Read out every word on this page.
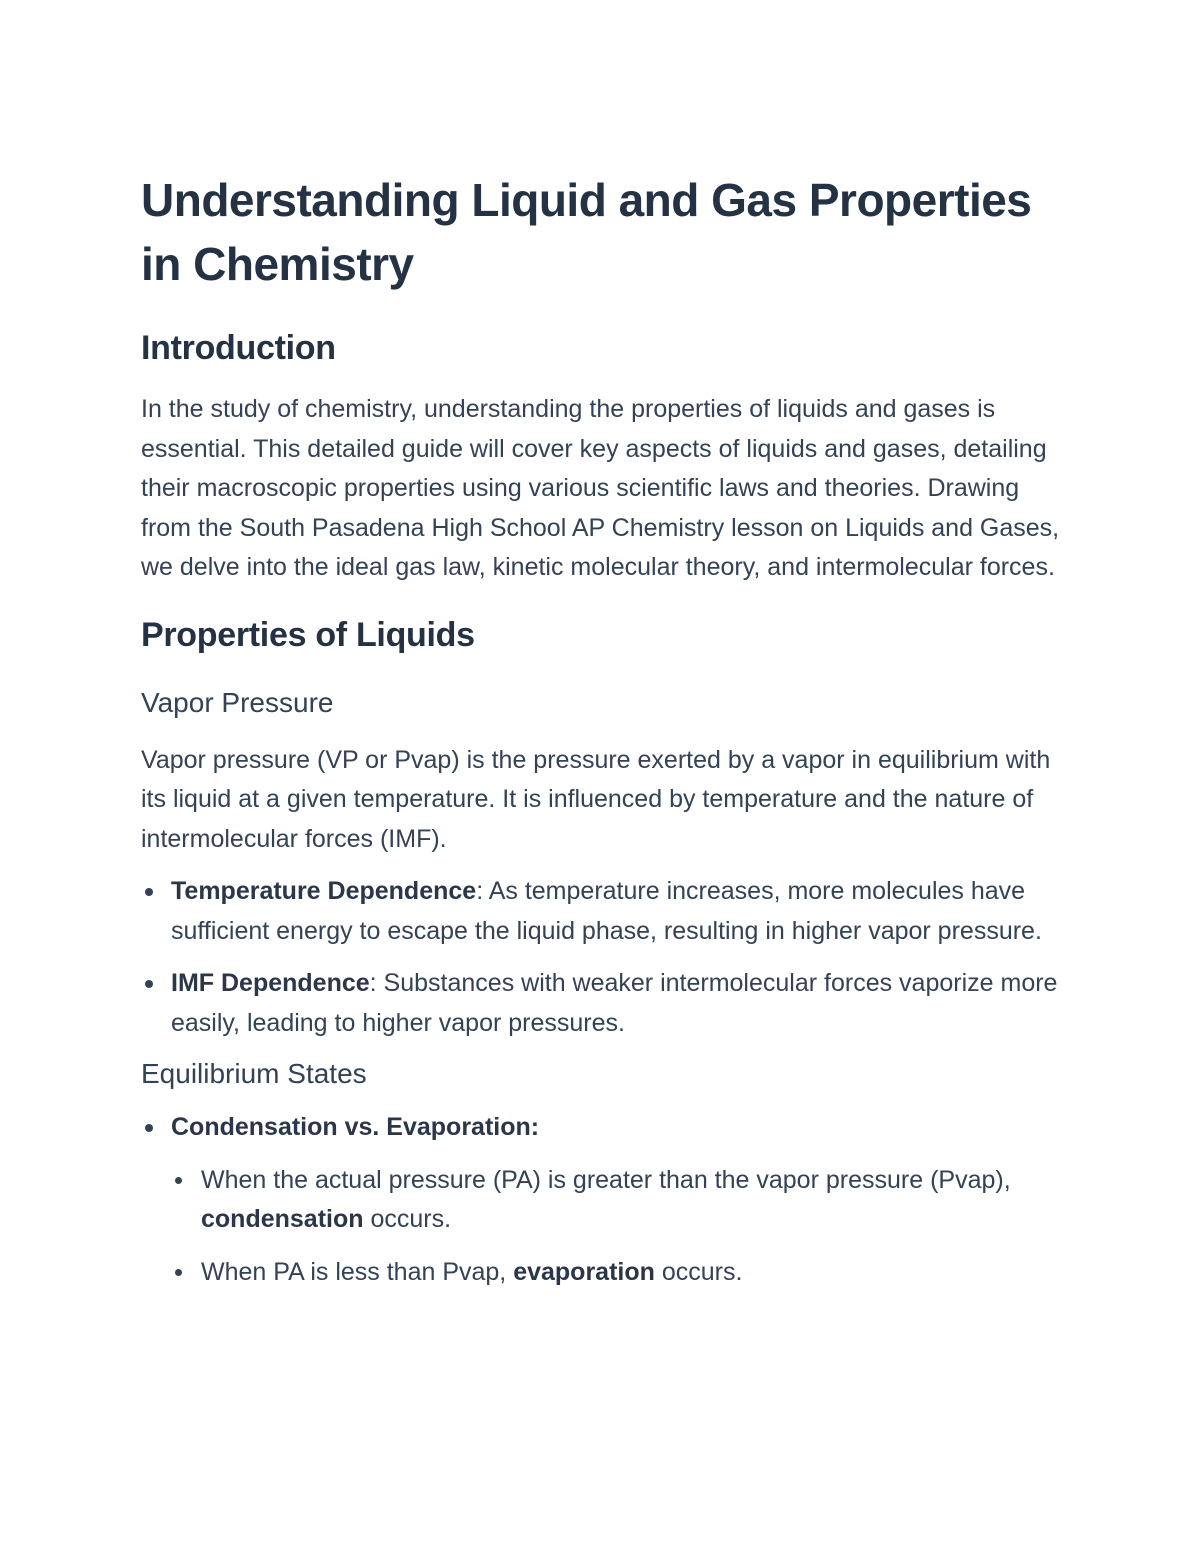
Understanding Liquid and Gas Properties in Chemistry
Introduction

In the study of chemistry, understanding the properties of liquids and gases is essential. This detailed guide will cover key aspects of liquids and gases, detailing their macroscopic properties using various scientific laws and theories. Drawing from the South Pasadena High School AP Chemistry lesson on Liquids and Gases, we delve into the ideal gas law, kinetic molecular theory, and intermolecular forces.

Properties of Liquids
Vapor Pressure

Vapor pressure (VP or Pvap) is the pressure exerted by a vapor in equilibrium with its liquid at a given temperature. It is influenced by temperature and the nature of intermolecular forces (IMF).

Temperature Dependence: As temperature increases, more molecules have sufficient energy to escape the liquid phase, resulting in higher vapor pressure.
IMF Dependence: Substances with weaker intermolecular forces vaporize more easily, leading to higher vapor pressures.
Equilibrium States
Condensation vs. Evaporation:
When the actual pressure (PA) is greater than the vapor pressure (Pvap), condensation occurs.
When PA is less than Pvap, evaporation occurs.
